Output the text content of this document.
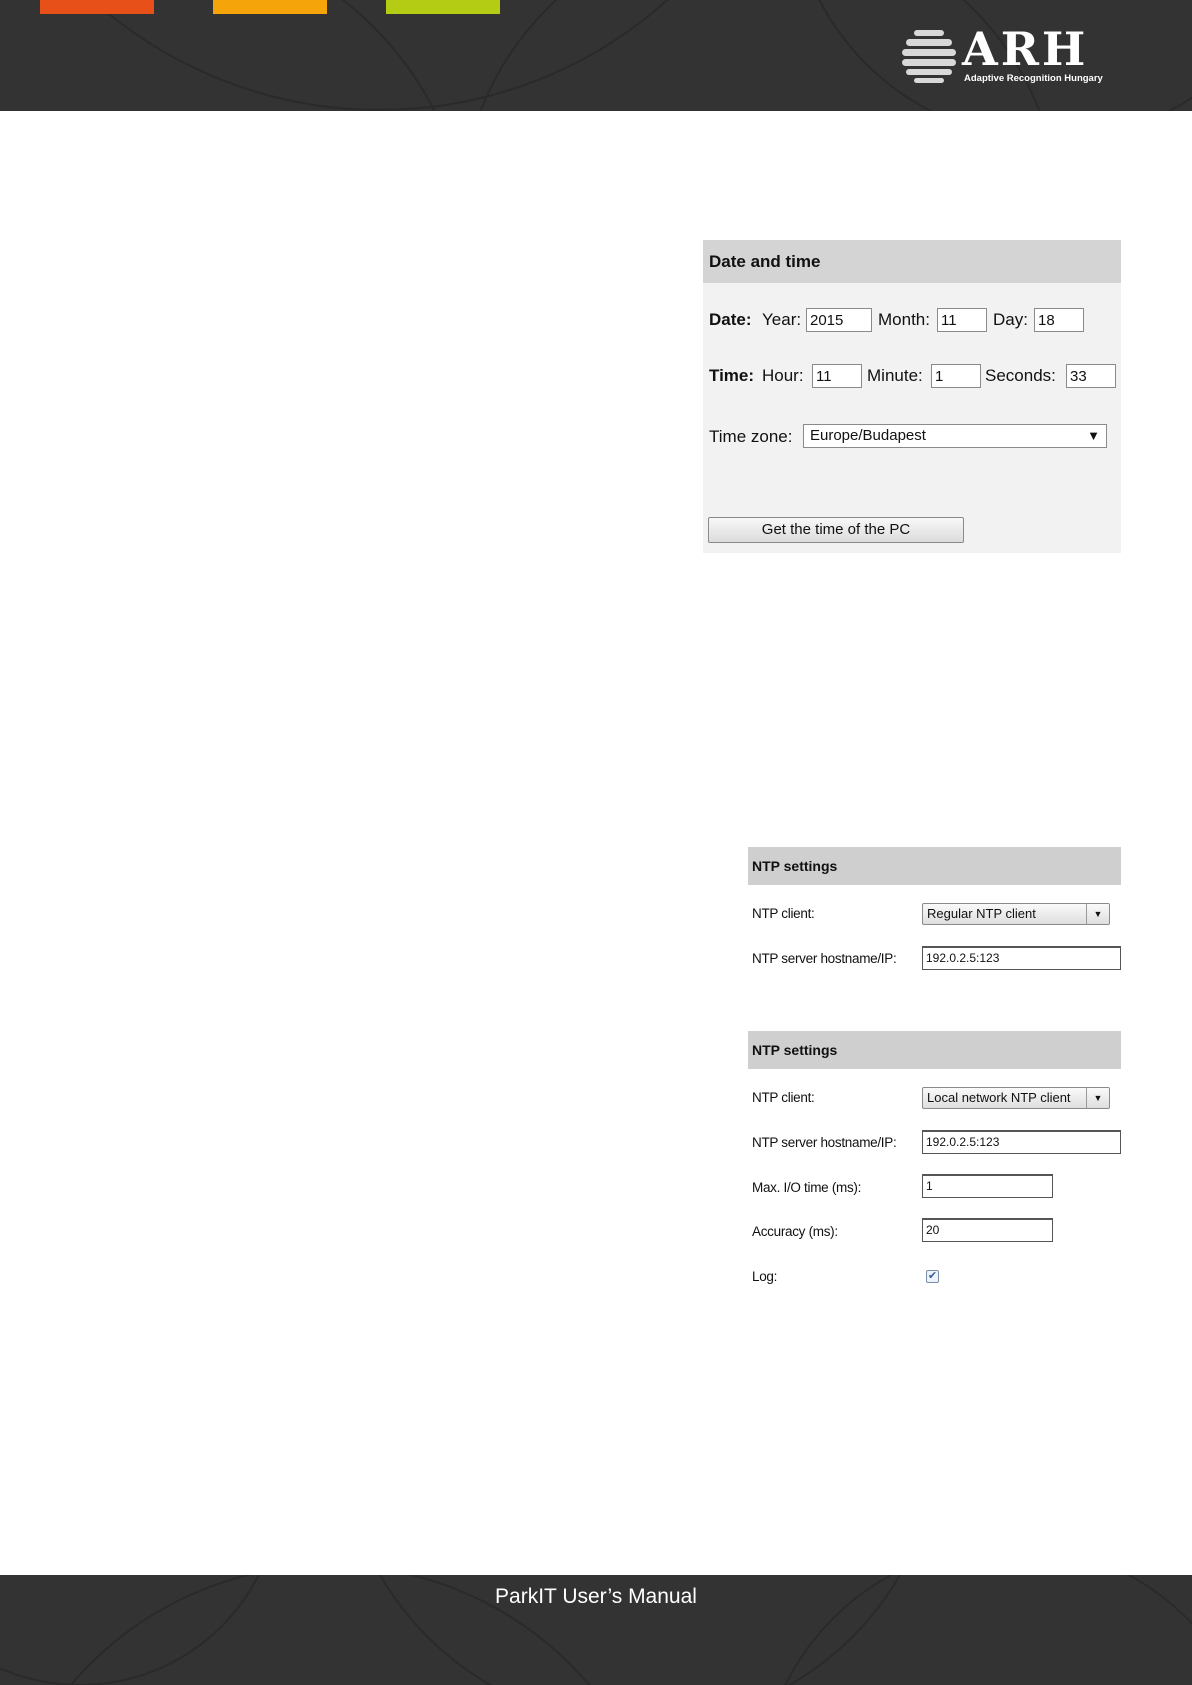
ARH
Adaptive Recognition Hungary
Date and time
Date: Year: 2015	Month: 11	Day: 18
Time: Hour: 11	Minute: 1	Seconds: 33
Time zone:	Europe/Budapest	▼
Get the time of the PC
NTP settings
NTP client:	Regular NTP client	▼
NTP server hostname/IP:	192.0.2.5:123
NTP settings
NTP client:	Local network NTP client	▼
NTP server hostname/IP:	192.0.2.5:123
Max. I/O time (ms):	1
Accuracy (ms):	20
Log:	✔
ParkIT User’s Manual
